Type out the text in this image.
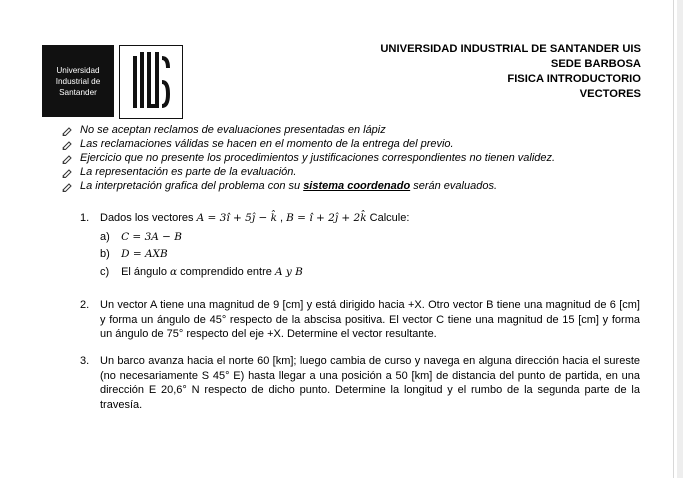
Universidad
Industrial de
Santander
UNIVERSIDAD INDUSTRIAL DE SANTANDER UIS
SEDE BARBOSA
FISICA INTRODUCTORIO
VECTORES
No se aceptan reclamos de evaluaciones presentadas en lápiz
Las reclamaciones válidas se hacen en el momento de la entrega del previo.
Ejercicio que no presente los procedimientos y justificaciones correspondientes no tienen validez.
La representación es parte de la evaluación.
La interpretación grafica del problema con su sistema coordenado serán evaluados.
1. Dados los vectores A = 3î + 5ĵ − k̂ , B = î + 2ĵ + 2k̂ Calcule:
a) C = 3A − B
b) D = AXB
c) El ángulo α comprendido entre A y B
2. Un vector A tiene una magnitud de 9 [cm] y está dirigido hacia +X. Otro vector B tiene una magnitud de 6 [cm] y forma un ángulo de 45° respecto de la abscisa positiva. El vector C tiene una magnitud de 15 [cm] y forma un ángulo de 75° respecto del eje +X. Determine el vector resultante.
3. Un barco avanza hacia el norte 60 [km]; luego cambia de curso y navega en alguna dirección hacia el sureste (no necesariamente S 45° E) hasta llegar a una posición a 50 [km] de distancia del punto de partida, en una dirección E 20,6° N respecto de dicho punto. Determine la longitud y el rumbo de la segunda parte de la travesía.
